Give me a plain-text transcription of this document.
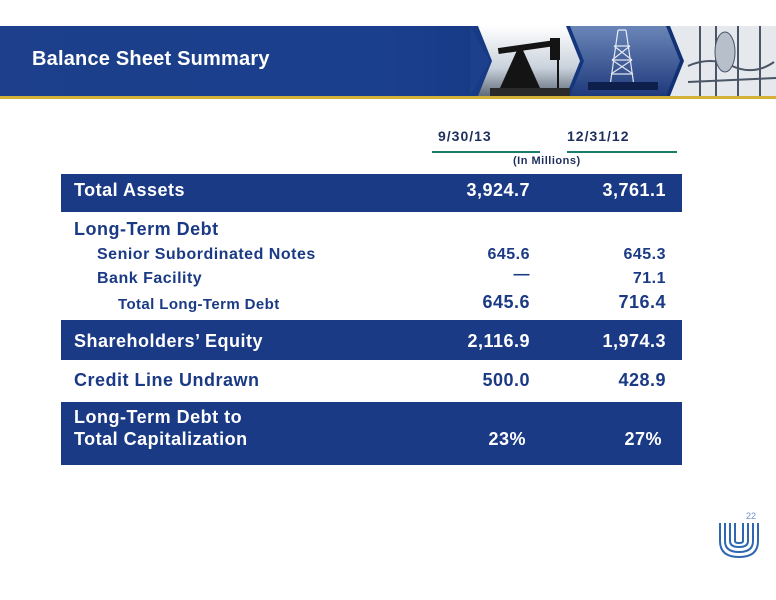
Balance Sheet Summary
9/30/13	12/31/12
(In Millions)
Total Assets	3,924.7	3,761.1
Long-Term Debt
Senior Subordinated Notes	645.6	645.3
Bank Facility	—	71.1
Total Long-Term Debt	645.6	716.4
Shareholders’ Equity	2,116.9	1,974.3
Credit Line Undrawn	500.0	428.9
Long-Term Debt to
Total Capitalization	23%	27%
22
